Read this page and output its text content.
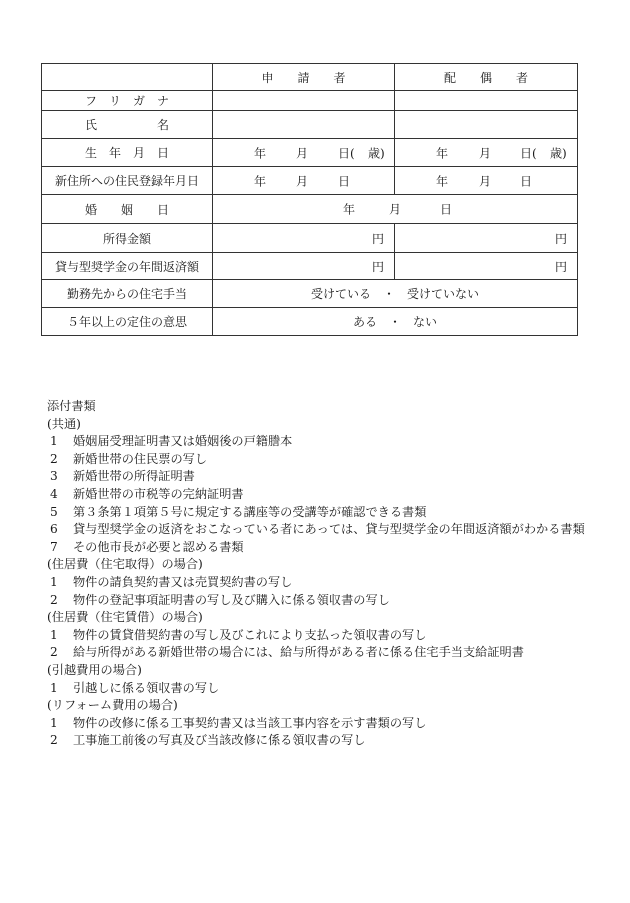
	申　　請　　者	配　　偶　　者
フ　リ　ガ　ナ		
氏　　　　　名		
生　年　月　日	年 月 日( 歳)	年 月 日( 歳)

新住所への住民登録年月日	年 月 日	年 月 日

婚　　姻　　日	年 月 日	

所得金額	円	円
貸与型奨学金の年間返済額	円	円
勤務先からの住宅手当	受けている　・　受けていない	
５年以上の定住の意思	ある　・　ない	
添付書類
(共通)
1	婚姻届受理証明書又は婚姻後の戸籍謄本
2	新婚世帯の住民票の写し
3	新婚世帯の所得証明書
4	新婚世帯の市税等の完納証明書
5	第３条第１項第５号に規定する講座等の受講等が確認できる書類
6	貸与型奨学金の返済をおこなっている者にあっては、貸与型奨学金の年間返済額がわかる書類
7	その他市長が必要と認める書類
(住居費（住宅取得）の場合)
1	物件の請負契約書又は売買契約書の写し
2	物件の登記事項証明書の写し及び購入に係る領収書の写し
(住居費（住宅賃借）の場合)
1	物件の賃貸借契約書の写し及びこれにより支払った領収書の写し
2	給与所得がある新婚世帯の場合には、給与所得がある者に係る住宅手当支給証明書
(引越費用の場合)
1	引越しに係る領収書の写し
(リフォーム費用の場合)
1	物件の改修に係る工事契約書又は当該工事内容を示す書類の写し
2	工事施工前後の写真及び当該改修に係る領収書の写し
